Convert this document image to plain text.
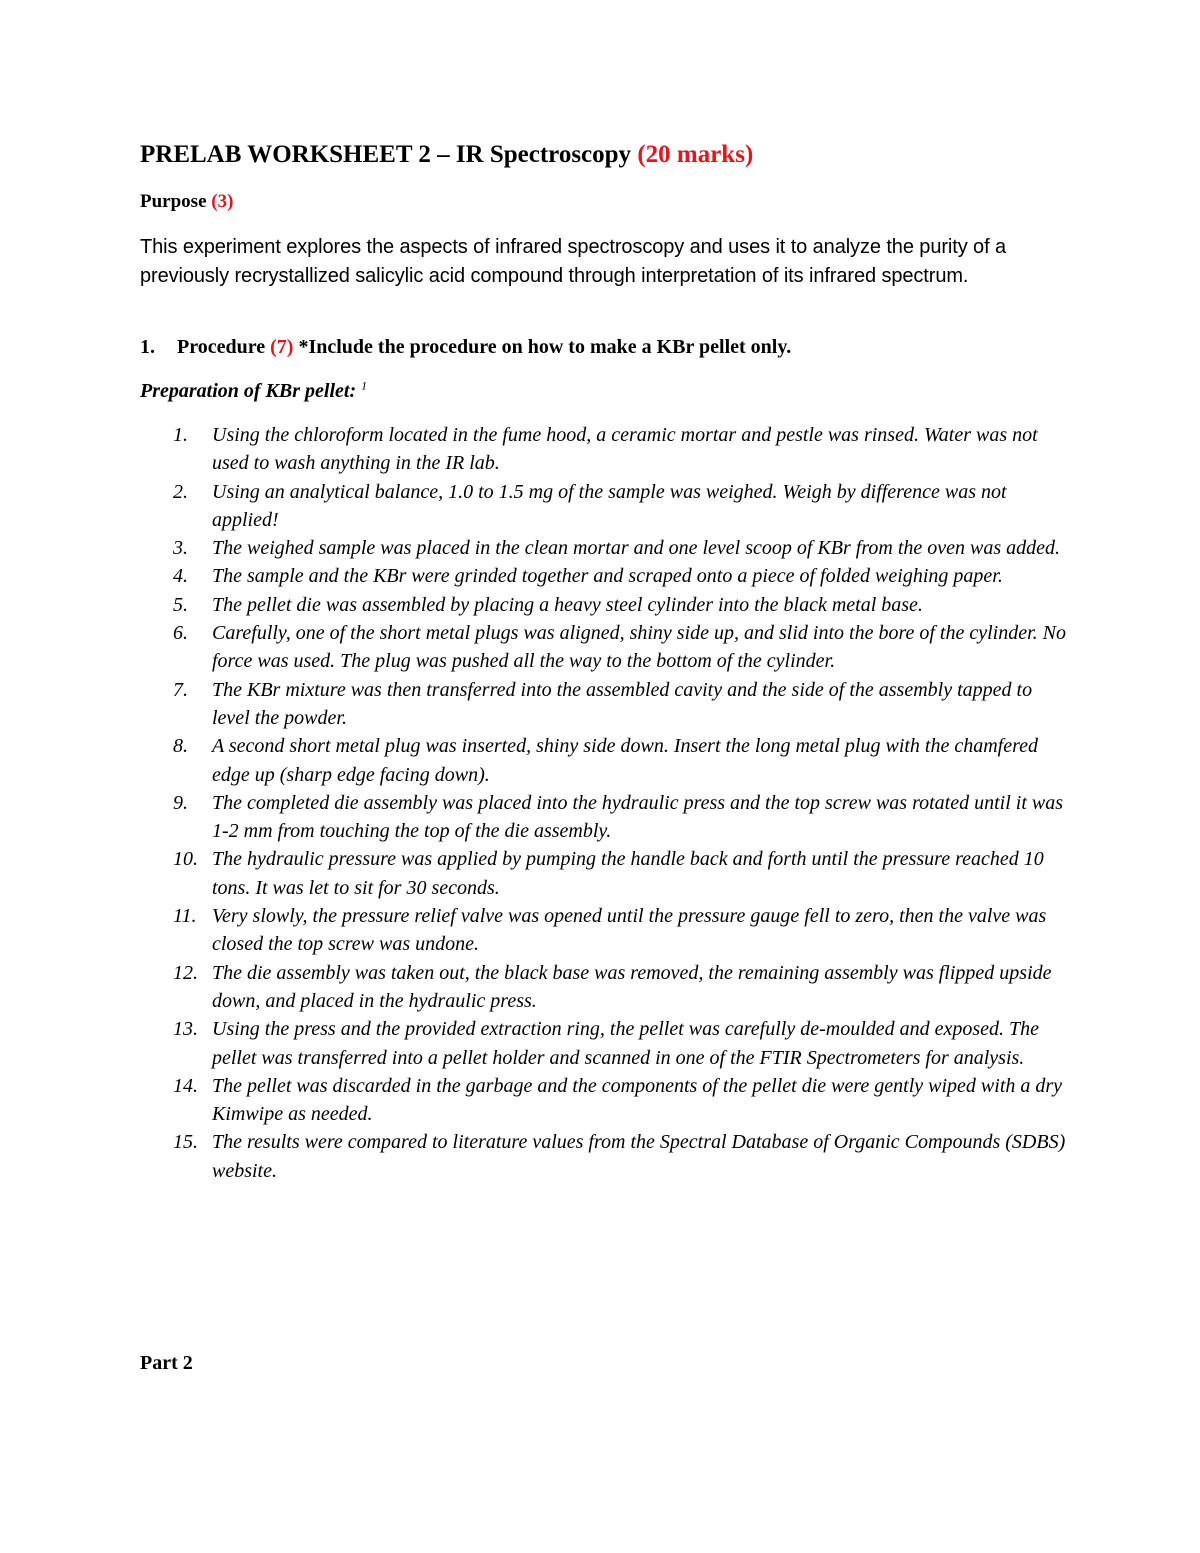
PRELAB WORKSHEET 2 – IR Spectroscopy (20 marks)
Purpose (3)

This experiment explores the aspects of infrared spectroscopy and uses it to analyze the purity of a previously recrystallized salicylic acid compound through interpretation of its infrared spectrum.

1. Procedure (7) *Include the procedure on how to make a KBr pellet only.
Preparation of KBr pellet: $^1$
1.	Using the chloroform located in the fume hood, a ceramic mortar and pestle was rinsed. Water was not used to wash anything in the IR lab.
2.	Using an analytical balance, 1.0 to 1.5 mg of the sample was weighed. Weigh by difference was not applied!
3.	The weighed sample was placed in the clean mortar and one level scoop of KBr from the oven was added.
4.	The sample and the KBr were grinded together and scraped onto a piece of folded weighing paper.
5.	The pellet die was assembled by placing a heavy steel cylinder into the black metal base.
6.	Carefully, one of the short metal plugs was aligned, shiny side up, and slid into the bore of the cylinder. No force was used. The plug was pushed all the way to the bottom of the cylinder.
7.	The KBr mixture was then transferred into the assembled cavity and the side of the assembly tapped to level the powder.
8.	A second short metal plug was inserted, shiny side down. Insert the long metal plug with the chamfered edge up (sharp edge facing down).
9.	The completed die assembly was placed into the hydraulic press and the top screw was rotated until it was 1-2 mm from touching the top of the die assembly.
10. The hydraulic pressure was applied by pumping the handle back and forth until the pressure reached 10 tons. It was let to sit for 30 seconds.
11. Very slowly, the pressure relief valve was opened until the pressure gauge fell to zero, then the valve was closed the top screw was undone.
12. The die assembly was taken out, the black base was removed, the remaining assembly was flipped upside down, and placed in the hydraulic press.
13. Using the press and the provided extraction ring, the pellet was carefully de-moulded and exposed. The pellet was transferred into a pellet holder and scanned in one of the FTIR Spectrometers for analysis.
14. The pellet was discarded in the garbage and the components of the pellet die were gently wiped with a dry Kimwipe as needed.
15. The results were compared to literature values from the Spectral Database of Organic Compounds (SDBS) website.
Part 2
